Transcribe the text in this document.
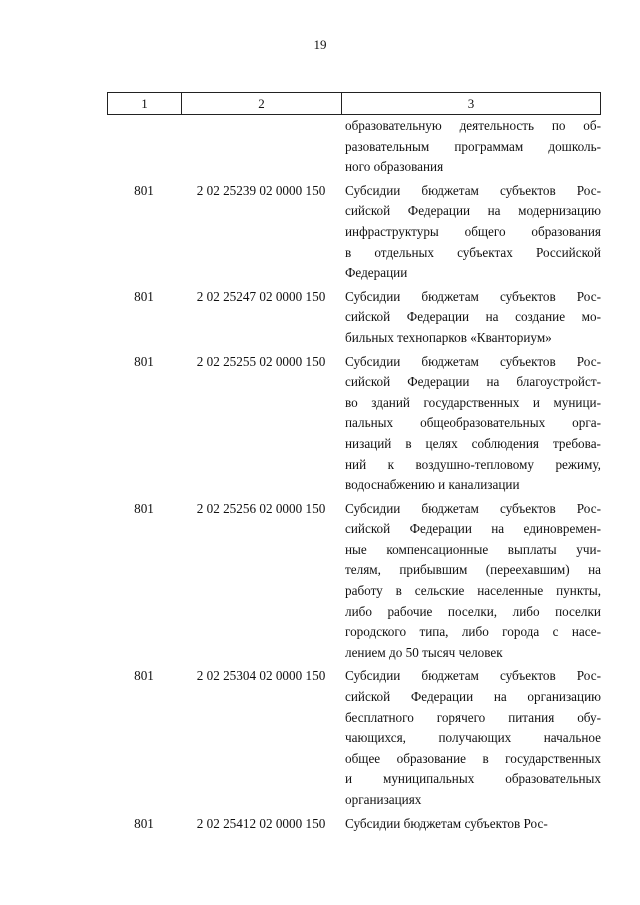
19
1	2	3
образовательную деятельность по об-
разовательным программам дошколь-
ного образования
801	2 02 25239 02 0000 150	Субсидии бюджетам субъектов Рос-
сийской Федерации на модернизацию
инфраструктуры общего образования
в отдельных субъектах Российской
Федерации
801	2 02 25247 02 0000 150	Субсидии бюджетам субъектов Рос-
сийской Федерации на создание мо-
бильных технопарков «Кванториум»
801	2 02 25255 02 0000 150	Субсидии бюджетам субъектов Рос-
сийской Федерации на благоустройст-
во зданий государственных и муници-
пальных общеобразовательных орга-
низаций в целях соблюдения требова-
ний к воздушно-тепловому режиму,
водоснабжению и канализации
801	2 02 25256 02 0000 150	Субсидии бюджетам субъектов Рос-
сийской Федерации на единовремен-
ные компенсационные выплаты учи-
телям, прибывшим (переехавшим) на
работу в сельские населенные пункты,
либо рабочие поселки, либо поселки
городского типа, либо города с насе-
лением до 50 тысяч человек
801	2 02 25304 02 0000 150	Субсидии бюджетам субъектов Рос-
сийской Федерации на организацию
бесплатного горячего питания обу-
чающихся, получающих начальное
общее образование в государственных
и муниципальных образовательных
организациях
801	2 02 25412 02 0000 150	Субсидии бюджетам субъектов Рос-
